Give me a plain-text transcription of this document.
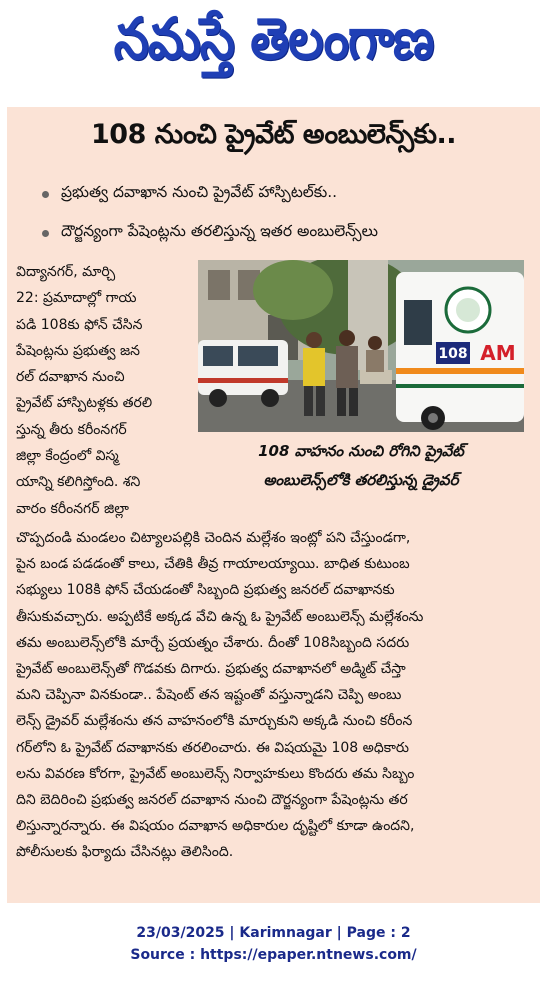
నమస్తే తెలంగాణ
108 నుంచి ప్రైవేట్ అంబులెన్స్‌కు..
ప్రభుత్వ దవాఖాన నుంచి ప్రైవేట్ హాస్పిటల్‌కు..
దౌర్జన్యంగా పేషెంట్లను తరలిస్తున్న ఇతర అంబులెన్స్‌లు
విద్యానగర్, మార్చి
22: ప్రమాదాల్లో గాయ
పడి 108కు ఫోన్ చేసిన
పేషెంట్లను ప్రభుత్వ జన
రల్ దవాఖాన నుంచి
ప్రైవేట్ హాస్పిటళ్లకు తరలి
స్తున్న తీరు కరీంనగర్
జిల్లా కేంద్రంలో విస్మ
యాన్ని కలిగిస్తోంది. శని
వారం కరీంనగర్ జిల్లా
108 AM
108 వాహనం నుంచి రోగిని ప్రైవేట్
అంబులెన్స్‌లోకి తరలిస్తున్న డ్రైవర్
చొప్పదండి మండలం చిట్యాలపల్లికి చెందిన మల్లేశం ఇంట్లో పని చేస్తుండగా,
పైన బండ పడడంతో కాలు, చేతికి తీవ్ర గాయాలయ్యాయి. బాధిత కుటుంబ
సభ్యులు 108కి ఫోన్ చేయడంతో సిబ్బంది ప్రభుత్వ జనరల్ దవాఖానకు
తీసుకువచ్చారు. అప్పటికే అక్కడ వేచి ఉన్న ఓ ప్రైవేట్ అంబులెన్స్ మల్లేశంను
తమ అంబులెన్స్‌లోకి మార్చే ప్రయత్నం చేశారు. దీంతో 108సిబ్బంది సదరు
ప్రైవేట్ అంబులెన్స్‌తో గొడవకు దిగారు. ప్రభుత్వ దవాఖానలో అడ్మిట్ చేస్తా
మని చెప్పినా వినకుండా.. పేషెంట్ తన ఇష్టంతో వస్తున్నాడని చెప్పి అంబు
లెన్స్ డ్రైవర్ మల్లేశంను తన వాహనంలోకి మార్చుకుని అక్కడి నుంచి కరీంన
గర్‌లోని ఓ ప్రైవేట్ దవాఖానకు తరలించారు. ఈ విషయమై 108 అధికారు
లను వివరణ కోరగా, ప్రైవేట్ అంబులెన్స్ నిర్వాహకులు కొందరు తమ సిబ్బం
దిని బెదిరించి ప్రభుత్వ జనరల్ దవాఖాన నుంచి దౌర్జన్యంగా పేషెంట్లను తర
లిస్తున్నారన్నారు. ఈ విషయం దవాఖాన అధికారుల దృష్టిలో కూడా ఉందని,
పోలీసులకు ఫిర్యాదు చేసినట్లు తెలిసింది.
23/03/2025 | Karimnagar | Page : 2
Source : https://epaper.ntnews.com/
